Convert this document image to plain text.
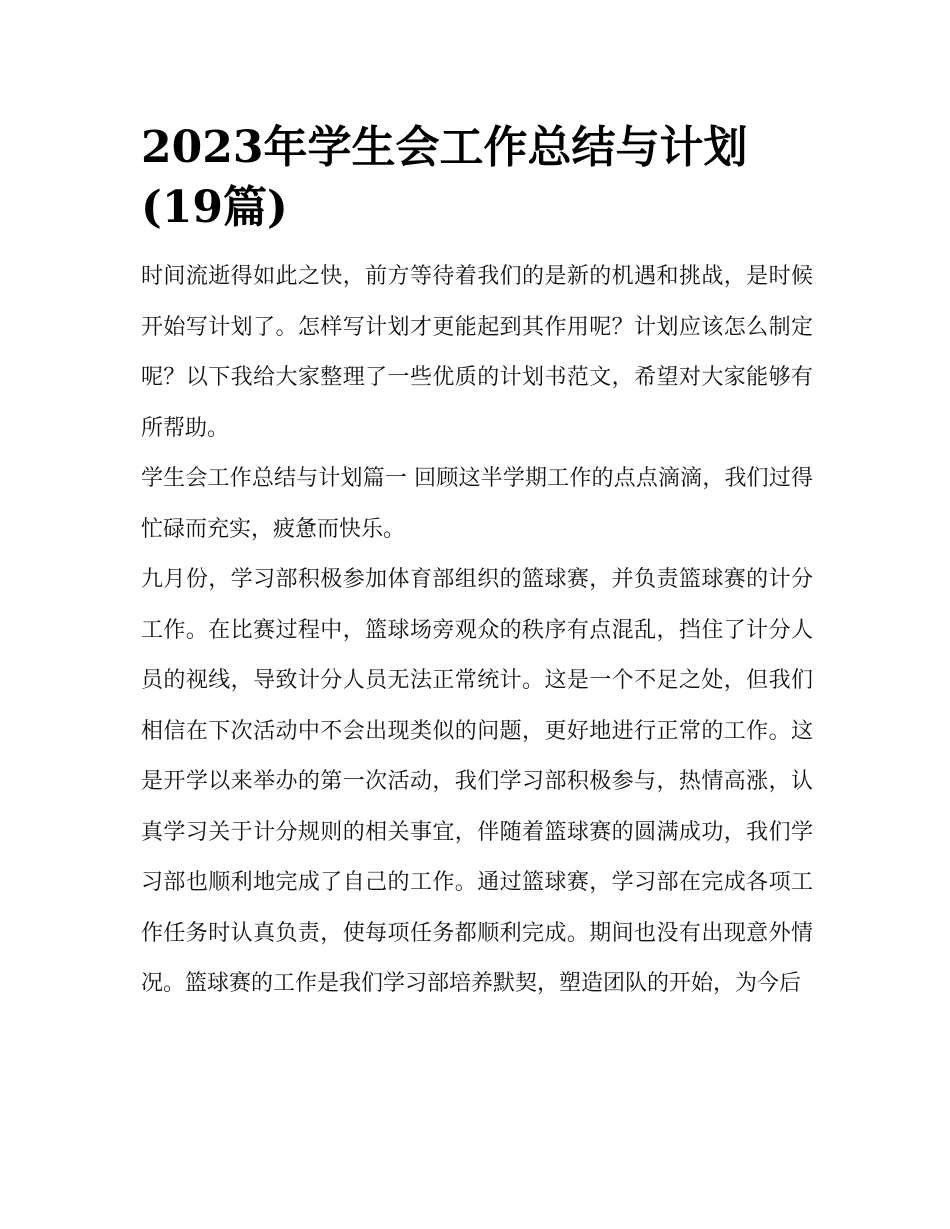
2023年学生会工作总结与计划(19篇)

时间流逝得如此之快，前方等待着我们的是新的机遇和挑战，是时候开始写计划了。怎样写计划才更能起到其作用呢？计划应该怎么制定呢？以下我给大家整理了一些优质的计划书范文，希望对大家能够有所帮助。

学生会工作总结与计划篇一 回顾这半学期工作的点点滴滴，我们过得忙碌而充实，疲惫而快乐。

九月份，学习部积极参加体育部组织的篮球赛，并负责篮球赛的计分工作。在比赛过程中，篮球场旁观众的秩序有点混乱，挡住了计分人员的视线，导致计分人员无法正常统计。这是一个不足之处，但我们相信在下次活动中不会出现类似的问题，更好地进行正常的工作。这是开学以来举办的第一次活动，我们学习部积极参与，热情高涨，认真学习关于计分规则的相关事宜，伴随着篮球赛的圆满成功，我们学习部也顺利地完成了自己的工作。通过篮球赛，学习部在完成各项工作任务时认真负责，使每项任务都顺利完成。期间也没有出现意外情况。篮球赛的工作是我们学习部培养默契，塑造团队的开始，为今后
